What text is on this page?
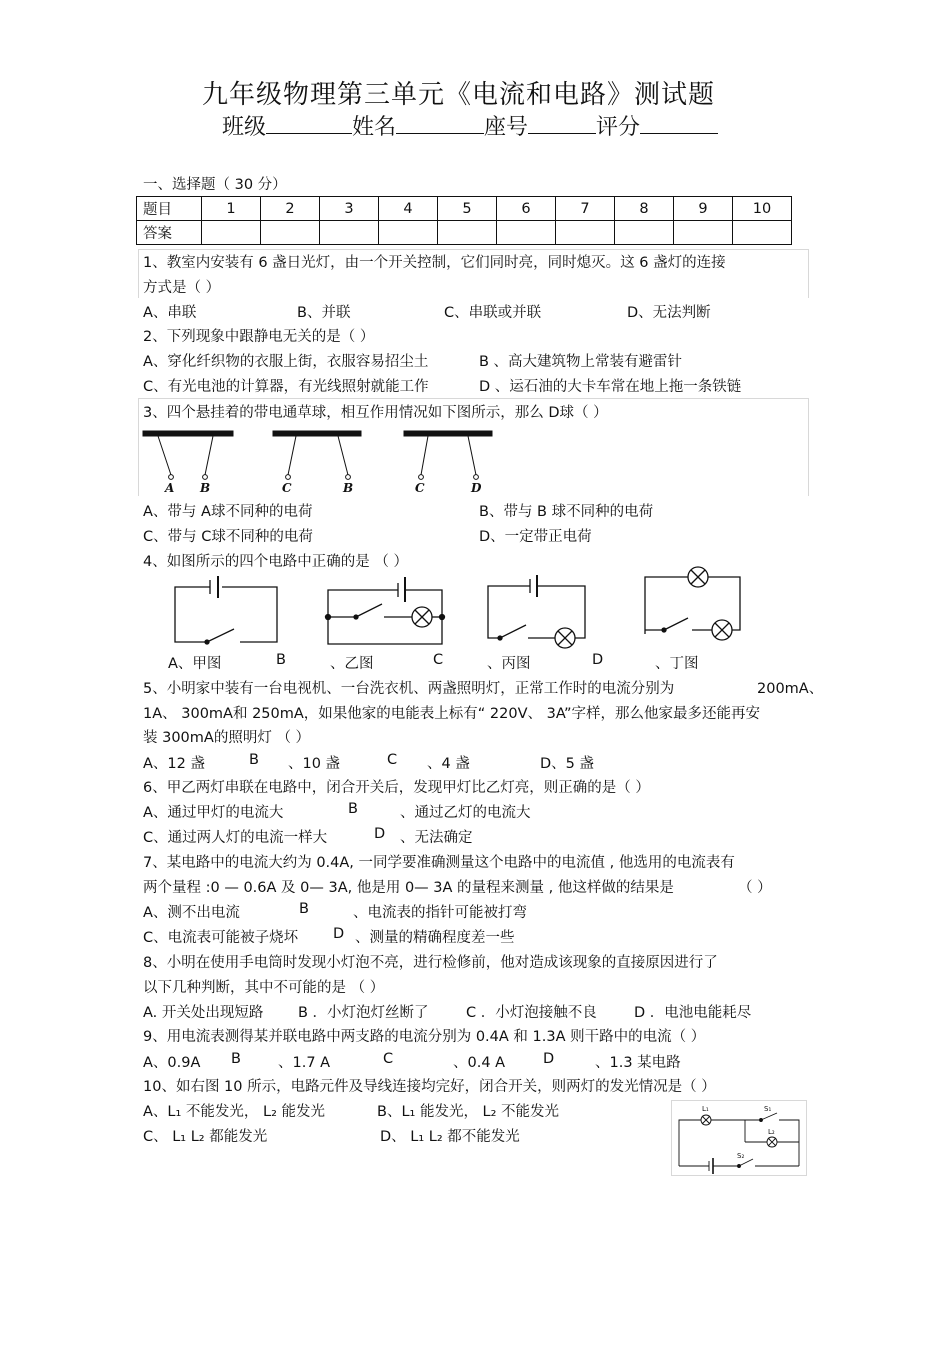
九年级物理第三单元《电流和电路》测试题
班级	姓名	座号	评分
一、选择题（ 30 分）
题目	1	2	3	4	5	6	7	8	9	10
答案										
1、教室内安装有 6 盏日光灯，由一个开关控制，它们同时亮，同时熄灭。这 6 盏灯的连接
方式是（ ）
A、串联	B、并联	C、串联或并联	D、无法判断
2、下列现象中跟静电无关的是（ ）
A、穿化纤织物的衣服上街，衣服容易招尘土	B 、高大建筑物上常装有避雷针
C、有光电池的计算器，有光线照射就能工作	D 、运石油的大卡车常在地上拖一条铁链
3、四个悬挂着的带电通草球，相互作用情况如下图所示，那么 D球（ ）
A B	C	B	C	D
A、带与 A球不同种的电荷	B、带与 B 球不同种的电荷
C、带与 C球不同种的电荷	D、一定带正电荷
4、如图所示的四个电路中正确的是 （ ）
A、甲图	B	、乙图	C	、丙图	D	、丁图
5、小明家中装有一台电视机、一台洗衣机、两盏照明灯，正常工作时的电流分别为	200mA、
1A、 300mA和 250mA，如果他家的电能表上标有“ 220V、 3A”字样，那么他家最多还能再安
装 300mA的照明灯 （ ）
A、12 盏	B 、10 盏	C 、4 盏	D、5 盏
6、甲乙两灯串联在电路中，闭合开关后，发现甲灯比乙灯亮，则正确的是（ ）
A、通过甲灯的电流大	B	、通过乙灯的电流大
C、通过两人灯的电流一样大	D 、无法确定
7、某电路中的电流大约为 0.4A, 一同学要准确测量这个电路中的电流值 , 他选用的电流表有
两个量程 :0 — 0.6A 及 0— 3A, 他是用 0— 3A 的量程来测量 , 他这样做的结果是	（ ）
A、测不出电流	B	、电流表的指针可能被打弯
C、电流表可能被子烧坏 D 、测量的精确程度差一些
8、小明在使用手电筒时发现小灯泡不亮，进行检修前，他对造成该现象的直接原因进行了
以下几种判断，其中不可能的是 （ ）
A. 开关处出现短路 B ．小灯泡灯丝断了	C ．小灯泡接触不良	D ．电池电能耗尽
9、用电流表测得某并联电路中两支路的电流分别为 0.4A 和 1.3A 则干路中的电流（ ）
A、0.9A B	、1.7 A	C	、0.4 A	D	、1.3 某电路
10、如右图 10 所示，电路元件及导线连接均完好，闭合开关，则两灯的发光情况是（ ）
A、L₁ 不能发光， L₂ 能发光	B、L₁ 能发光， L₂ 不能发光
C、 L₁ L₂ 都能发光	D、 L₁ L₂ 都不能发光
L₁	S₁
L₂
S₂
